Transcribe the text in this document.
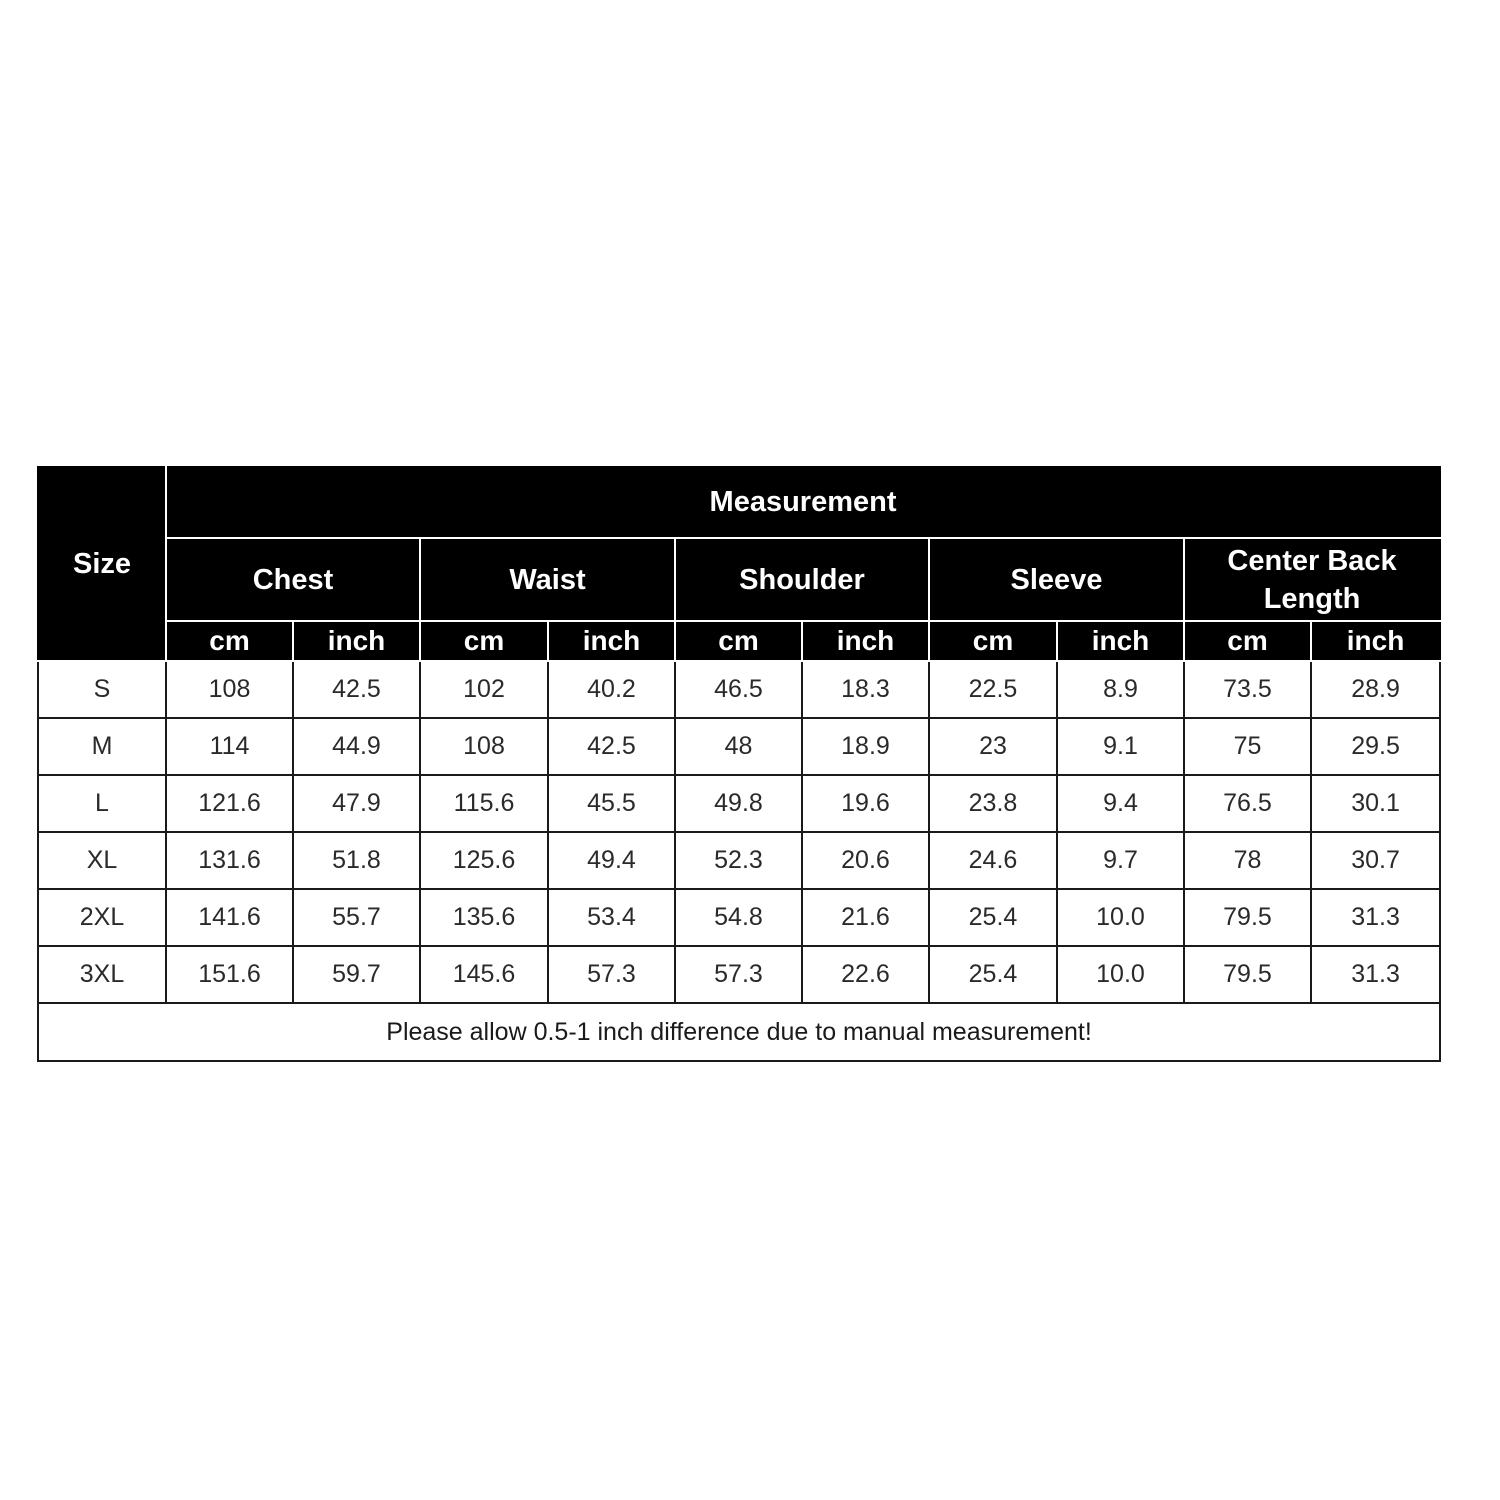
Size	Measurement									
	Chest		Waist		Shoulder		Sleeve		Center Back Length	
	cm	inch	cm	inch	cm	inch	cm	inch	cm	inch
S	108	42.5	102	40.2	46.5	18.3	22.5	8.9	73.5	28.9
M	114	44.9	108	42.5	48	18.9	23	9.1	75	29.5
L	121.6	47.9	115.6	45.5	49.8	19.6	23.8	9.4	76.5	30.1
XL	131.6	51.8	125.6	49.4	52.3	20.6	24.6	9.7	78	30.7
2XL	141.6	55.7	135.6	53.4	54.8	21.6	25.4	10.0	79.5	31.3
3XL	151.6	59.7	145.6	57.3	57.3	22.6	25.4	10.0	79.5	31.3
Please allow 0.5-1 inch difference due to manual measurement!										
